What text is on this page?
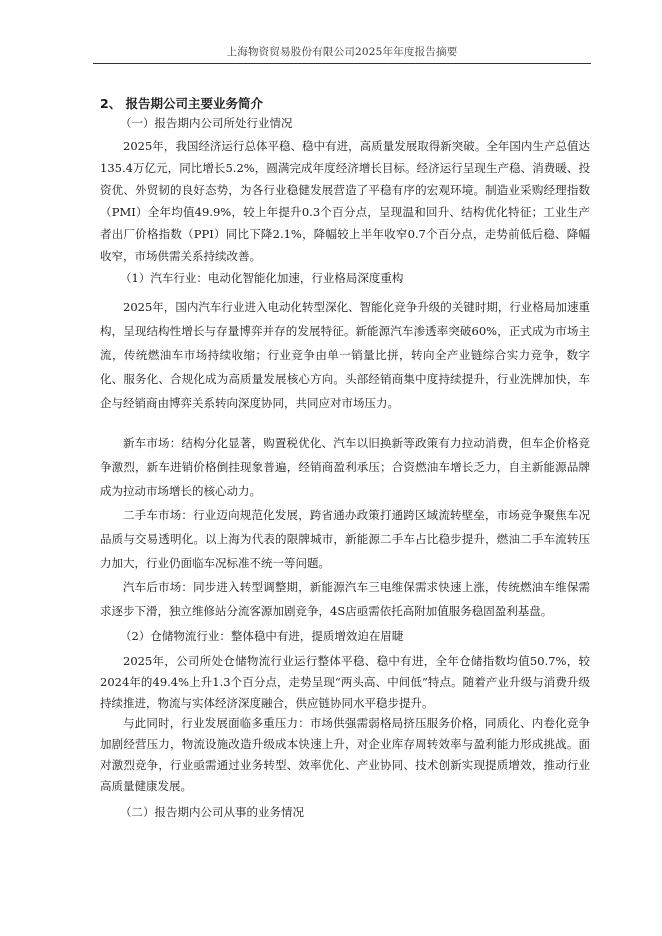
上海物资贸易股份有限公司2025年年度报告摘要
2、 报告期公司主要业务简介
（一）报告期内公司所处行业情况
2025年，我国经济运行总体平稳、稳中有进，高质量发展取得新突破。全年国内生产总值达135.4万亿元，同比增长5.2%，圆满完成年度经济增长目标。经济运行呈现生产稳、消费暖、投资优、外贸韧的良好态势，为各行业稳健发展营造了平稳有序的宏观环境。制造业采购经理指数（PMI）全年均值49.9%，较上年提升0.3个百分点，呈现温和回升、结构优化特征；工业生产者出厂价格指数（PPI）同比下降2.1%，降幅较上半年收窄0.7个百分点，走势前低后稳、降幅收窄，市场供需关系持续改善。
（1）汽车行业：电动化智能化加速，行业格局深度重构
2025年，国内汽车行业进入电动化转型深化、智能化竞争升级的关键时期，行业格局加速重构，呈现结构性增长与存量博弈并存的发展特征。新能源汽车渗透率突破60%，正式成为市场主流，传统燃油车市场持续收缩；行业竞争由单一销量比拼，转向全产业链综合实力竞争，数字化、服务化、合规化成为高质量发展核心方向。头部经销商集中度持续提升，行业洗牌加快，车企与经销商由博弈关系转向深度协同，共同应对市场压力。
新车市场：结构分化显著，购置税优化、汽车以旧换新等政策有力拉动消费，但车企价格竞争激烈，新车进销价格倒挂现象普遍，经销商盈利承压；合资燃油车增长乏力，自主新能源品牌成为拉动市场增长的核心动力。
二手车市场：行业迈向规范化发展，跨省通办政策打通跨区域流转壁垒，市场竞争聚焦车况品质与交易透明化。以上海为代表的限牌城市，新能源二手车占比稳步提升，燃油二手车流转压力加大，行业仍面临车况标准不统一等问题。
汽车后市场：同步进入转型调整期，新能源汽车三电维保需求快速上涨，传统燃油车维保需求逐步下滑，独立维修站分流客源加剧竞争，4S店亟需依托高附加值服务稳固盈利基盘。
（2）仓储物流行业：整体稳中有进，提质增效迫在眉睫
2025年，公司所处仓储物流行业运行整体平稳、稳中有进，全年仓储指数均值50.7%，较2024年的49.4%上升1.3个百分点，走势呈现“两头高、中间低”特点。随着产业升级与消费升级持续推进，物流与实体经济深度融合，供应链协同水平稳步提升。
与此同时，行业发展面临多重压力：市场供强需弱格局挤压服务价格，同质化、内卷化竞争加剧经营压力，物流设施改造升级成本快速上升，对企业库存周转效率与盈利能力形成挑战。面对激烈竞争，行业亟需通过业务转型、效率优化、产业协同、技术创新实现提质增效，推动行业高质量健康发展。
（二）报告期内公司从事的业务情况
